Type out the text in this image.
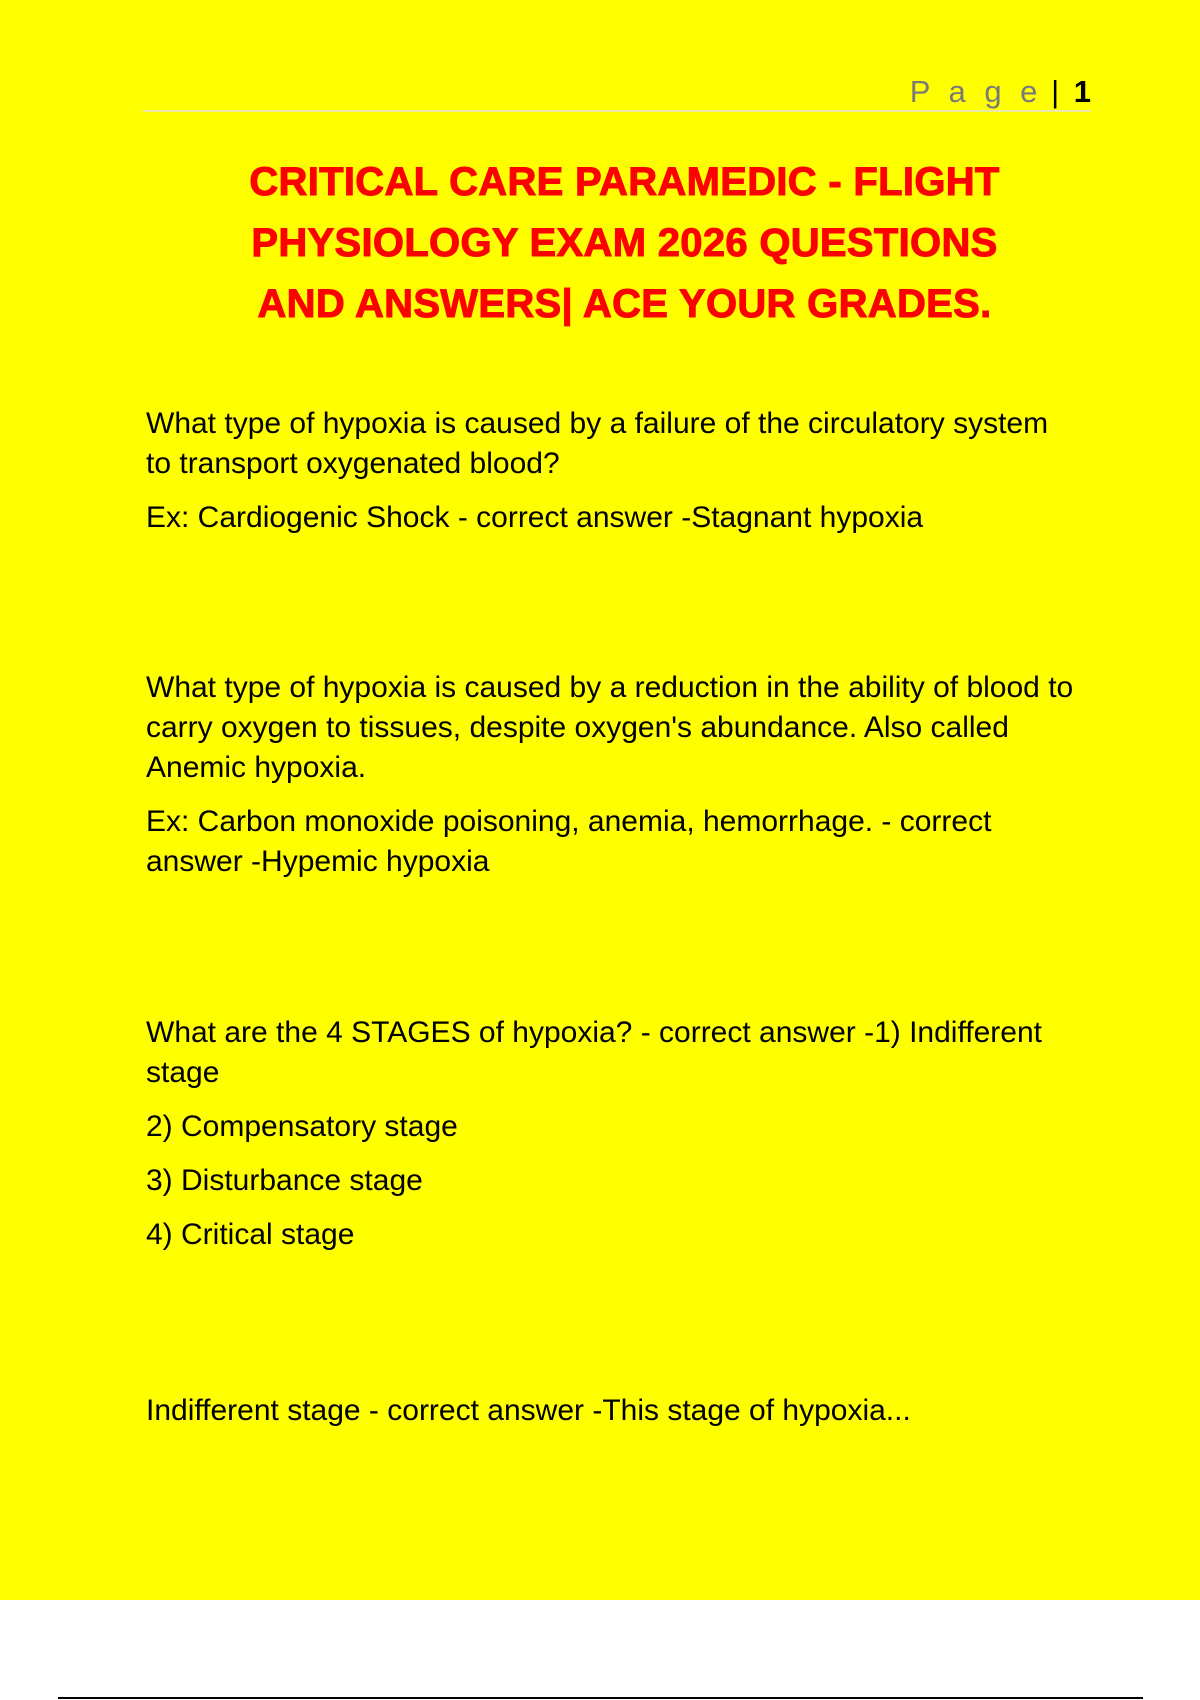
P a g e | 1
CRITICAL CARE PARAMEDIC - FLIGHT
PHYSIOLOGY EXAM 2026 QUESTIONS
AND ANSWERS| ACE YOUR GRADES.

What type of hypoxia is caused by a failure of the circulatory system to transport oxygenated blood?

Ex: Cardiogenic Shock - correct answer -Stagnant hypoxia

What type of hypoxia is caused by a reduction in the ability of blood to carry oxygen to tissues, despite oxygen's abundance. Also called Anemic hypoxia.

Ex: Carbon monoxide poisoning, anemia, hemorrhage. - correct answer -Hypemic hypoxia

What are the 4 STAGES of hypoxia? - correct answer -1) Indifferent stage

2) Compensatory stage

3) Disturbance stage

4) Critical stage

Indifferent stage - correct answer -This stage of hypoxia...
